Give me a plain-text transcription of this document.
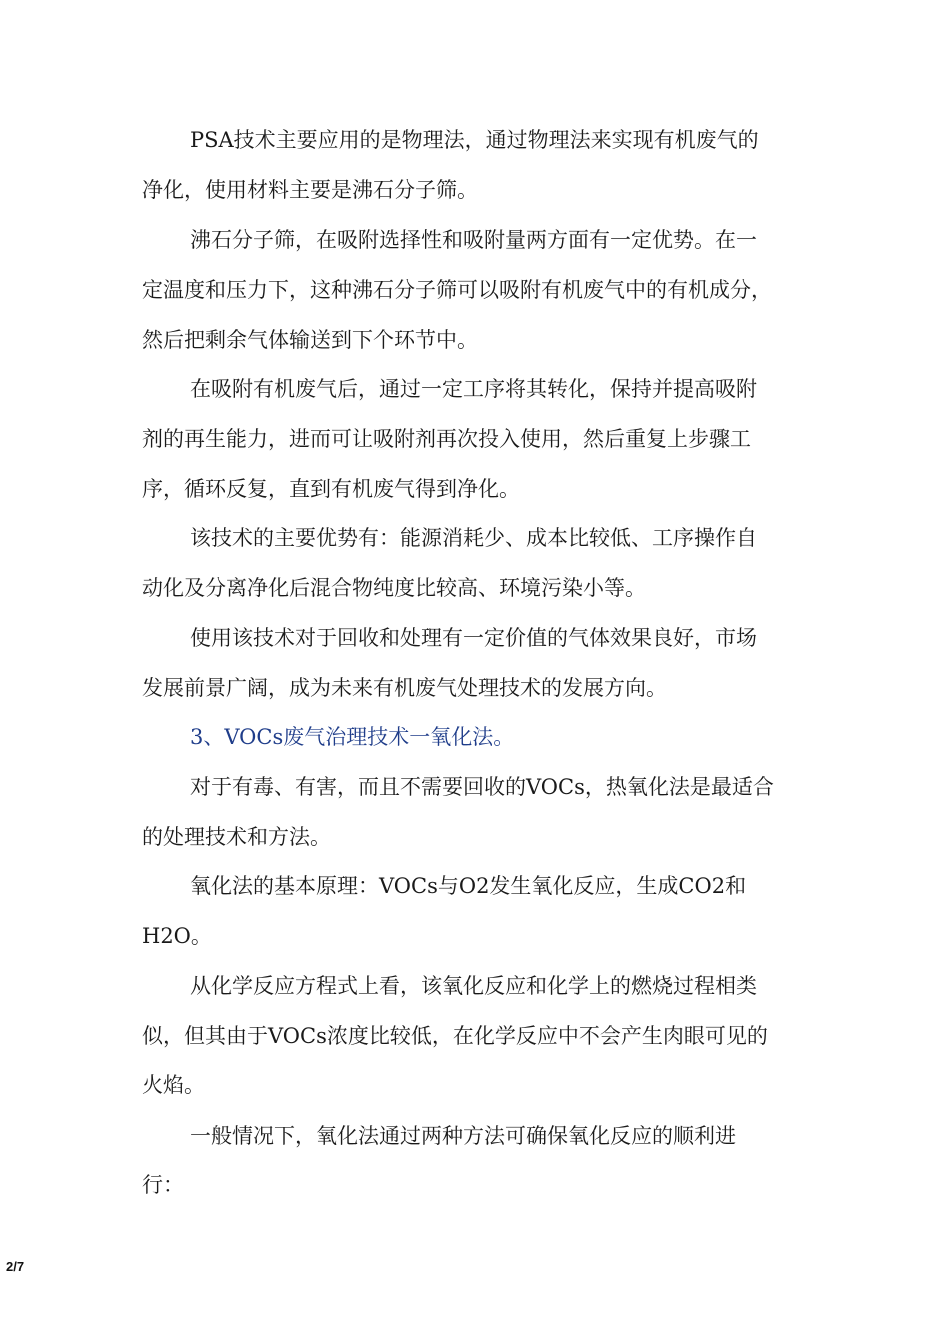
PSA技术主要应用的是物理法，通过物理法来实现有机废气的

净化，使用材料主要是沸石分子筛。

沸石分子筛，在吸附选择性和吸附量两方面有一定优势。在一

定温度和压力下，这种沸石分子筛可以吸附有机废气中的有机成分，

然后把剩余气体输送到下个环节中。

在吸附有机废气后，通过一定工序将其转化，保持并提高吸附

剂的再生能力，进而可让吸附剂再次投入使用，然后重复上步骤工

序，循环反复，直到有机废气得到净化。

该技术的主要优势有：能源消耗少、成本比较低、工序操作自

动化及分离净化后混合物纯度比较高、环境污染小等。

使用该技术对于回收和处理有一定价值的气体效果良好，市场

发展前景广阔，成为未来有机废气处理技术的发展方向。

3、VOCs废气治理技术一氧化法。

对于有毒、有害，而且不需要回收的VOCs，热氧化法是最适合

的处理技术和方法。

氧化法的基本原理：VOCs与O2发生氧化反应，生成CO2和

H2O。

从化学反应方程式上看，该氧化反应和化学上的燃烧过程相类

似，但其由于VOCs浓度比较低，在化学反应中不会产生肉眼可见的

火焰。

一般情况下，氧化法通过两种方法可确保氧化反应的顺利进

行：

2/7
